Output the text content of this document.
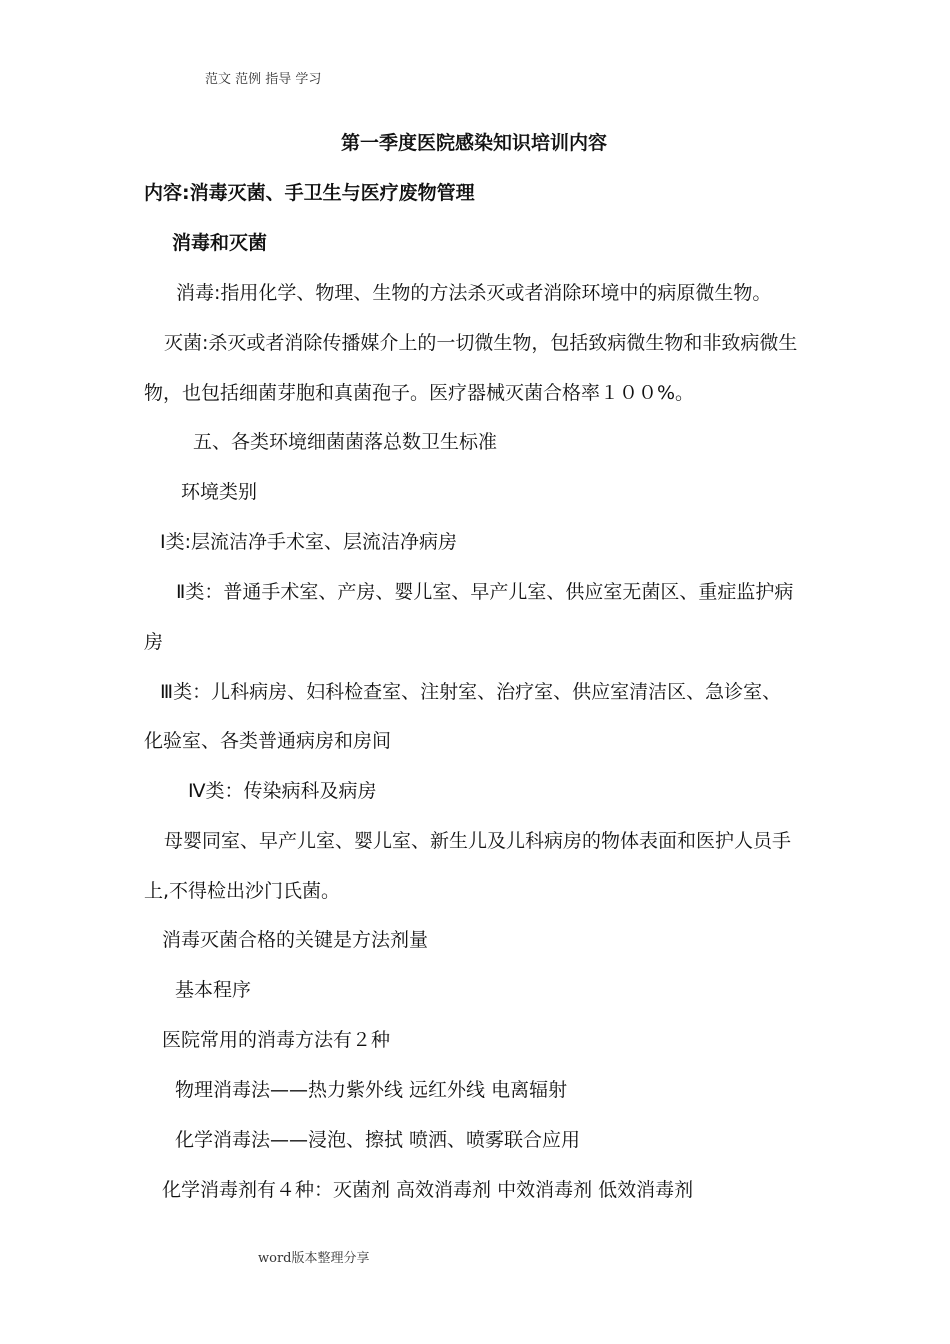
范文 范例 指导 学习
第一季度医院感染知识培训内容
内容:消毒灭菌、手卫生与医疗废物管理
消毒和灭菌
消毒:指用化学、物理、生物的方法杀灭或者消除环境中的病原微生物。
灭菌:杀灭或者消除传播媒介上的一切微生物，包括致病微生物和非致病微生
物，也包括细菌芽胞和真菌孢子。医疗器械灭菌合格率１００%。
五、各类环境细菌菌落总数卫生标准
环境类别
Ⅰ类:层流洁净手术室、层流洁净病房
Ⅱ类：普通手术室、产房、婴儿室、早产儿室、供应室无菌区、重症监护病
房
Ⅲ类：儿科病房、妇科检查室、注射室、治疗室、供应室清洁区、急诊室、
化验室、各类普通病房和房间
Ⅳ类：传染病科及病房
母婴同室、早产儿室、婴儿室、新生儿及儿科病房的物体表面和医护人员手
上,不得检出沙门氏菌。
消毒灭菌合格的关键是方法剂量
基本程序
医院常用的消毒方法有２种
物理消毒法——热力紫外线 远红外线 电离辐射
化学消毒法——浸泡、擦拭 喷洒、喷雾联合应用
化学消毒剂有４种：灭菌剂 高效消毒剂 中效消毒剂 低效消毒剂
word版本整理分享
